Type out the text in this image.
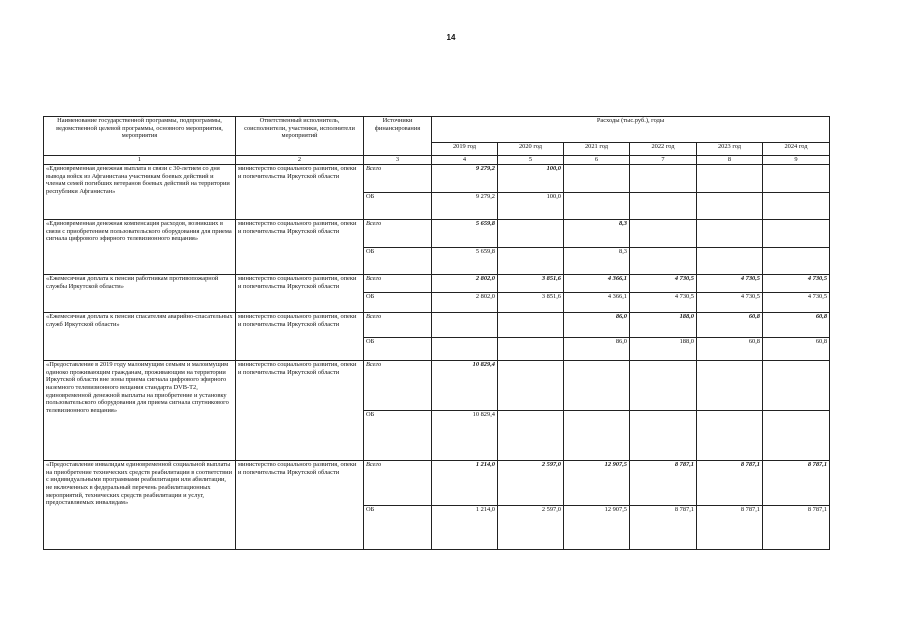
14
Наименование государственной программы, подпрограммы, ведомственной целевой программы, основного мероприятия, мероприятия	Ответственный исполнитель, соисполнители, участники, исполнители мероприятий	Источники финансирования	Расходы (тыс.руб.), годы					
			2019 год	2020 год	2021 год	2022 год	2023 год	2024 год
1	2	3	4	5	6	7	8	9
«Единовременная денежная выплата в связи с 30-летием со дня вывода войск из Афганистана участникам боевых действий и членам семей погибших ветеранов боевых действий на территории республики Афганистан»	министерство социального развития, опеки и попечительства Иркутской области	Всего	9 279,2	100,0				
		ОБ	9 279,2	100,0				
«Единовременная денежная компенсация расходов, возникших в связи с приобретением пользовательского оборудования для приема сигнала цифрового эфирного телевизионного вещания»	министерство социального развития, опеки и попечительства Иркутской области	Всего	5 659,8		8,3			
		ОБ	5 659,8		8,3			
«Ежемесячная доплата к пенсии работникам противопожарной службы Иркутской области»	министерство социального развития, опеки и попечительства Иркутской области	Всего	2 802,0	3 851,6	4 366,1	4 730,5	4 730,5	4 730,5
		ОБ	2 802,0	3 851,6	4 366,1	4 730,5	4 730,5	4 730,5
«Ежемесячная доплата к пенсии спасателям аварийно-спасательных служб Иркутской области»	министерство социального развития, опеки и попечительства Иркутской области	Всего			86,0	188,0	60,8	60,8
		ОБ			86,0	188,0	60,8	60,8
«Предоставление в 2019 году малоимущим семьям и малоимущим одиноко проживающим гражданам, проживающим на территории Иркутской области вне зоны приема сигнала цифрового эфирного наземного телевизионного вещания стандарта DVB-T2, единовременной денежной выплаты на приобретение и установку пользовательского оборудования для приема сигнала спутникового телевизионного вещания»	министерство социального развития, опеки и попечительства Иркутской области	Всего	10 829,4					
		ОБ	10 829,4					
«Предоставление инвалидам единовременной социальной выплаты на приобретение технических средств реабилитации в соответствии с индивидуальными программами реабилитации или абилитации, не включенных в федеральный перечень реабилитационных мероприятий, технических средств реабилитации и услуг, предоставляемых инвалидам»	министерство социального развития, опеки и попечительства Иркутской области	Всего	1 214,0	2 597,0	12 907,5	8 787,1	8 787,1	8 787,1
		ОБ	1 214,0	2 597,0	12 907,5	8 787,1	8 787,1	8 787,1
